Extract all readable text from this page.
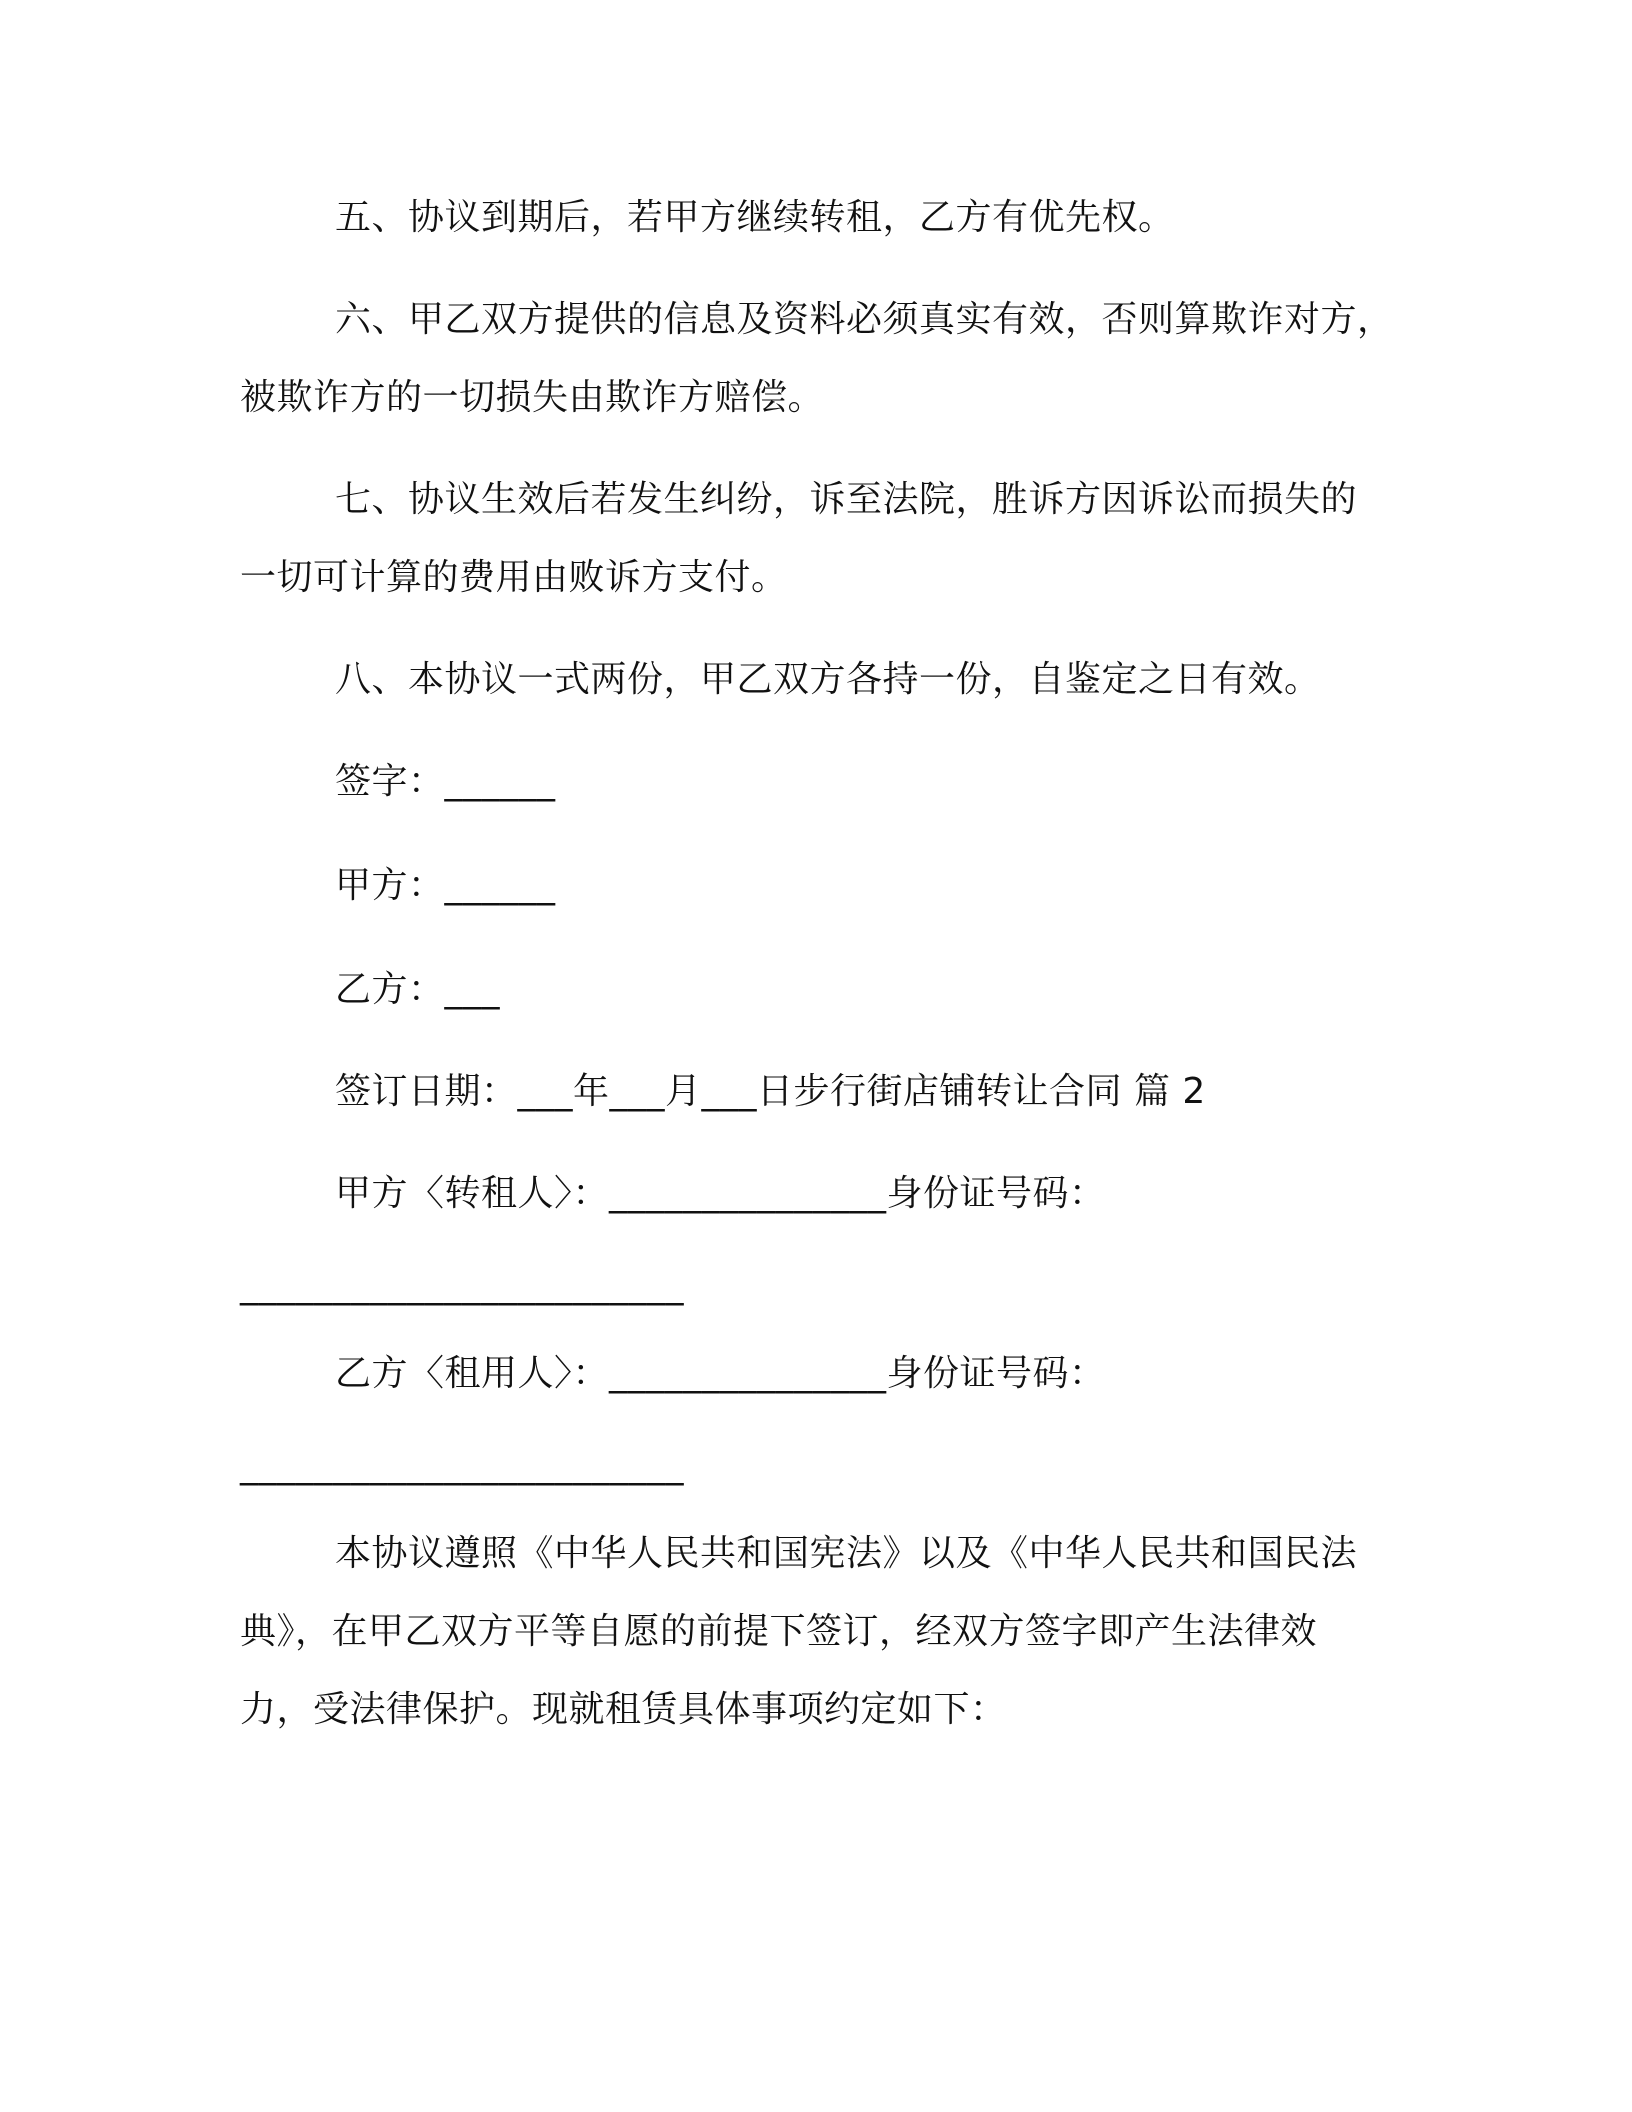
五、协议到期后，若甲方继续转租，乙方有优先权。
六、甲乙双方提供的信息及资料必须真实有效，否则算欺诈对方，
被欺诈方的一切损失由欺诈方赔偿。
七、协议生效后若发生纠纷，诉至法院，胜诉方因诉讼而损失的
一切可计算的费用由败诉方支付。
八、本协议一式两份，甲乙双方各持一份，自鉴定之日有效。
签字：______
甲方：______
乙方：___
签订日期：___年___月___日步行街店铺转让合同 篇 2
甲方〈转租人〉：_______________身份证号码：
________________________
乙方〈租用人〉：_______________身份证号码：
________________________
本协议遵照《中华人民共和国宪法》以及《中华人民共和国民法
典》，在甲乙双方平等自愿的前提下签订，经双方签字即产生法律效
力，受法律保护。现就租赁具体事项约定如下：
